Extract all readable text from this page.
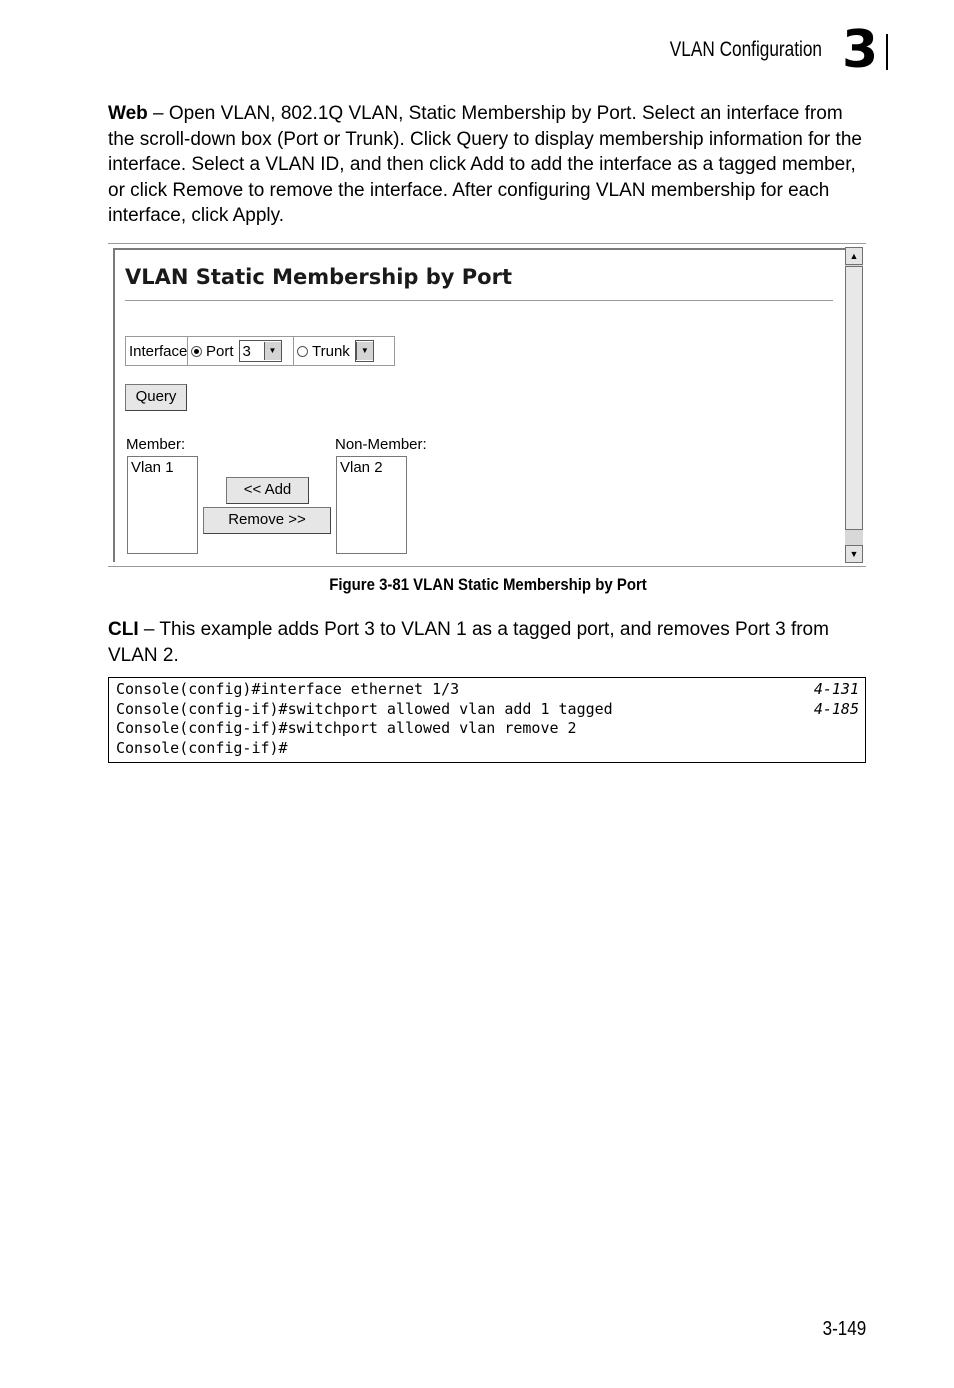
VLAN Configuration 3
Web – Open VLAN, 802.1Q VLAN, Static Membership by Port. Select an interface from the scroll-down box (Port or Trunk). Click Query to display membership information for the interface. Select a VLAN ID, and then click Add to add the interface as a tagged member, or click Remove to remove the interface. After configuring VLAN membership for each interface, click Apply.
VLAN Static Membership by Port
▲
▼
Interface Port 3	▼ Trunk	▼
Query
Member:
Vlan 1
<< Add
Remove >>
Non-Member:
Vlan 2
Figure 3-81 VLAN Static Membership by Port
CLI – This example adds Port 3 to VLAN 1 as a tagged port, and removes Port 3 from VLAN 2.
Console(config)#interface ethernet 1/3	4-131
Console(config-if)#switchport allowed vlan add 1 tagged	4-185
Console(config-if)#switchport allowed vlan remove 2
Console(config-if)#
3-149
